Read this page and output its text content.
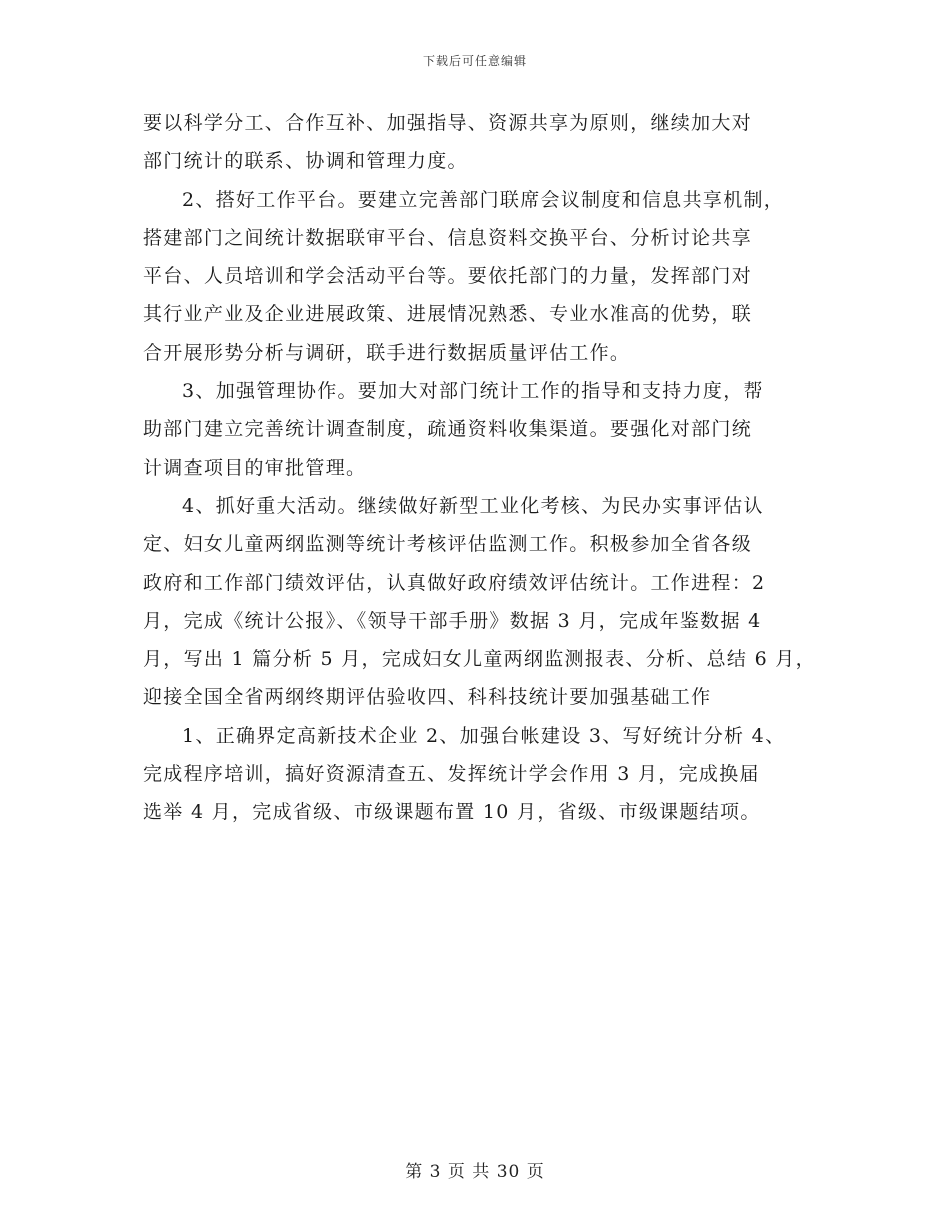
下载后可任意编辑
要以科学分工、合作互补、加强指导、资源共享为原则，继续加大对
部门统计的联系、协调和管理力度。
2、搭好工作平台。要建立完善部门联席会议制度和信息共享机制，
搭建部门之间统计数据联审平台、信息资料交换平台、分析讨论共享
平台、人员培训和学会活动平台等。要依托部门的力量，发挥部门对
其行业产业及企业进展政策、进展情况熟悉、专业水准高的优势，联
合开展形势分析与调研，联手进行数据质量评估工作。
3、加强管理协作。要加大对部门统计工作的指导和支持力度，帮
助部门建立完善统计调查制度，疏通资料收集渠道。要强化对部门统
计调查项目的审批管理。
4、抓好重大活动。继续做好新型工业化考核、为民办实事评估认
定、妇女儿童两纲监测等统计考核评估监测工作。积极参加全省各级
政府和工作部门绩效评估，认真做好政府绩效评估统计。工作进程：2
月，完成《统计公报》、《领导干部手册》数据 3 月，完成年鉴数据 4
月，写出 1 篇分析 5 月，完成妇女儿童两纲监测报表、分析、总结 6 月，
迎接全国全省两纲终期评估验收四、科科技统计要加强基础工作
1、正确界定高新技术企业 2、加强台帐建设 3、写好统计分析 4、
完成程序培训，搞好资源清查五、发挥统计学会作用 3 月，完成换届
选举 4 月，完成省级、市级课题布置 10 月，省级、市级课题结项。
第 3 页 共 30 页
